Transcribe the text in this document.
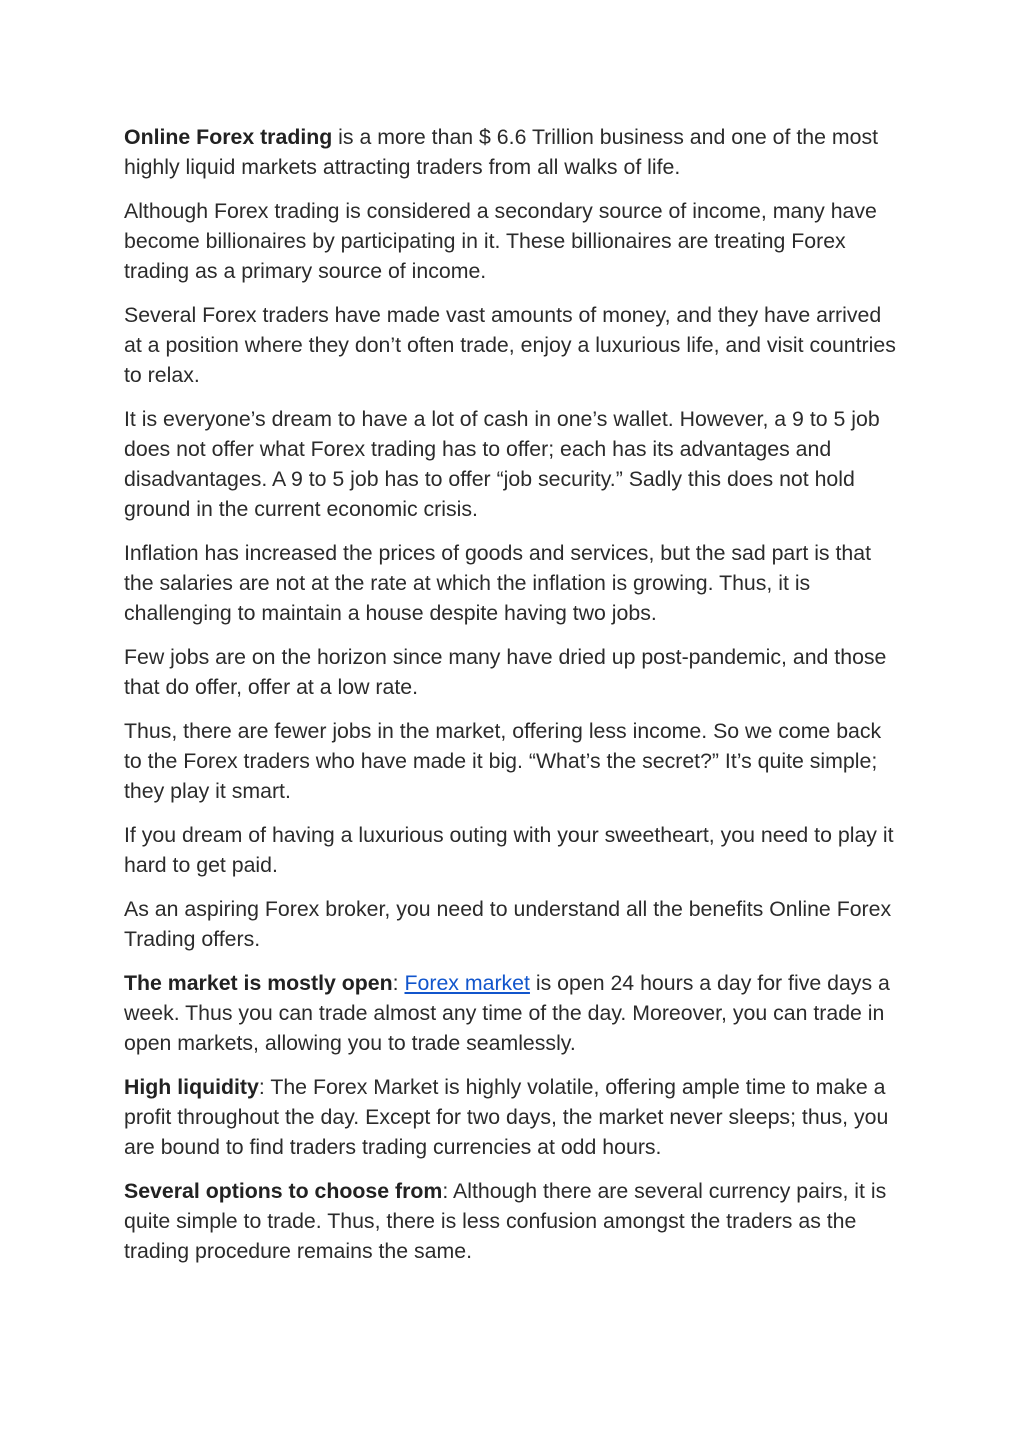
Online Forex trading is a more than $ 6.6 Trillion business and one of the most highly liquid markets attracting traders from all walks of life.

Although Forex trading is considered a secondary source of income, many have become billionaires by participating in it. These billionaires are treating Forex trading as a primary source of income.

Several Forex traders have made vast amounts of money, and they have arrived at a position where they don’t often trade, enjoy a luxurious life, and visit countries to relax.

It is everyone’s dream to have a lot of cash in one’s wallet. However, a 9 to 5 job does not offer what Forex trading has to offer; each has its advantages and disadvantages. A 9 to 5 job has to offer “job security.” Sadly this does not hold ground in the current economic crisis.

Inflation has increased the prices of goods and services, but the sad part is that the salaries are not at the rate at which the inflation is growing. Thus, it is challenging to maintain a house despite having two jobs.

Few jobs are on the horizon since many have dried up post-pandemic, and those that do offer, offer at a low rate.

Thus, there are fewer jobs in the market, offering less income. So we come back to the Forex traders who have made it big. “What’s the secret?” It’s quite simple; they play it smart.

If you dream of having a luxurious outing with your sweetheart, you need to play it hard to get paid.

As an aspiring Forex broker, you need to understand all the benefits Online Forex Trading offers.

The market is mostly open: Forex market is open 24 hours a day for five days a week. Thus you can trade almost any time of the day. Moreover, you can trade in open markets, allowing you to trade seamlessly.

High liquidity: The Forex Market is highly volatile, offering ample time to make a profit throughout the day. Except for two days, the market never sleeps; thus, you are bound to find traders trading currencies at odd hours.

Several options to choose from: Although there are several currency pairs, it is quite simple to trade. Thus, there is less confusion amongst the traders as the trading procedure remains the same.
